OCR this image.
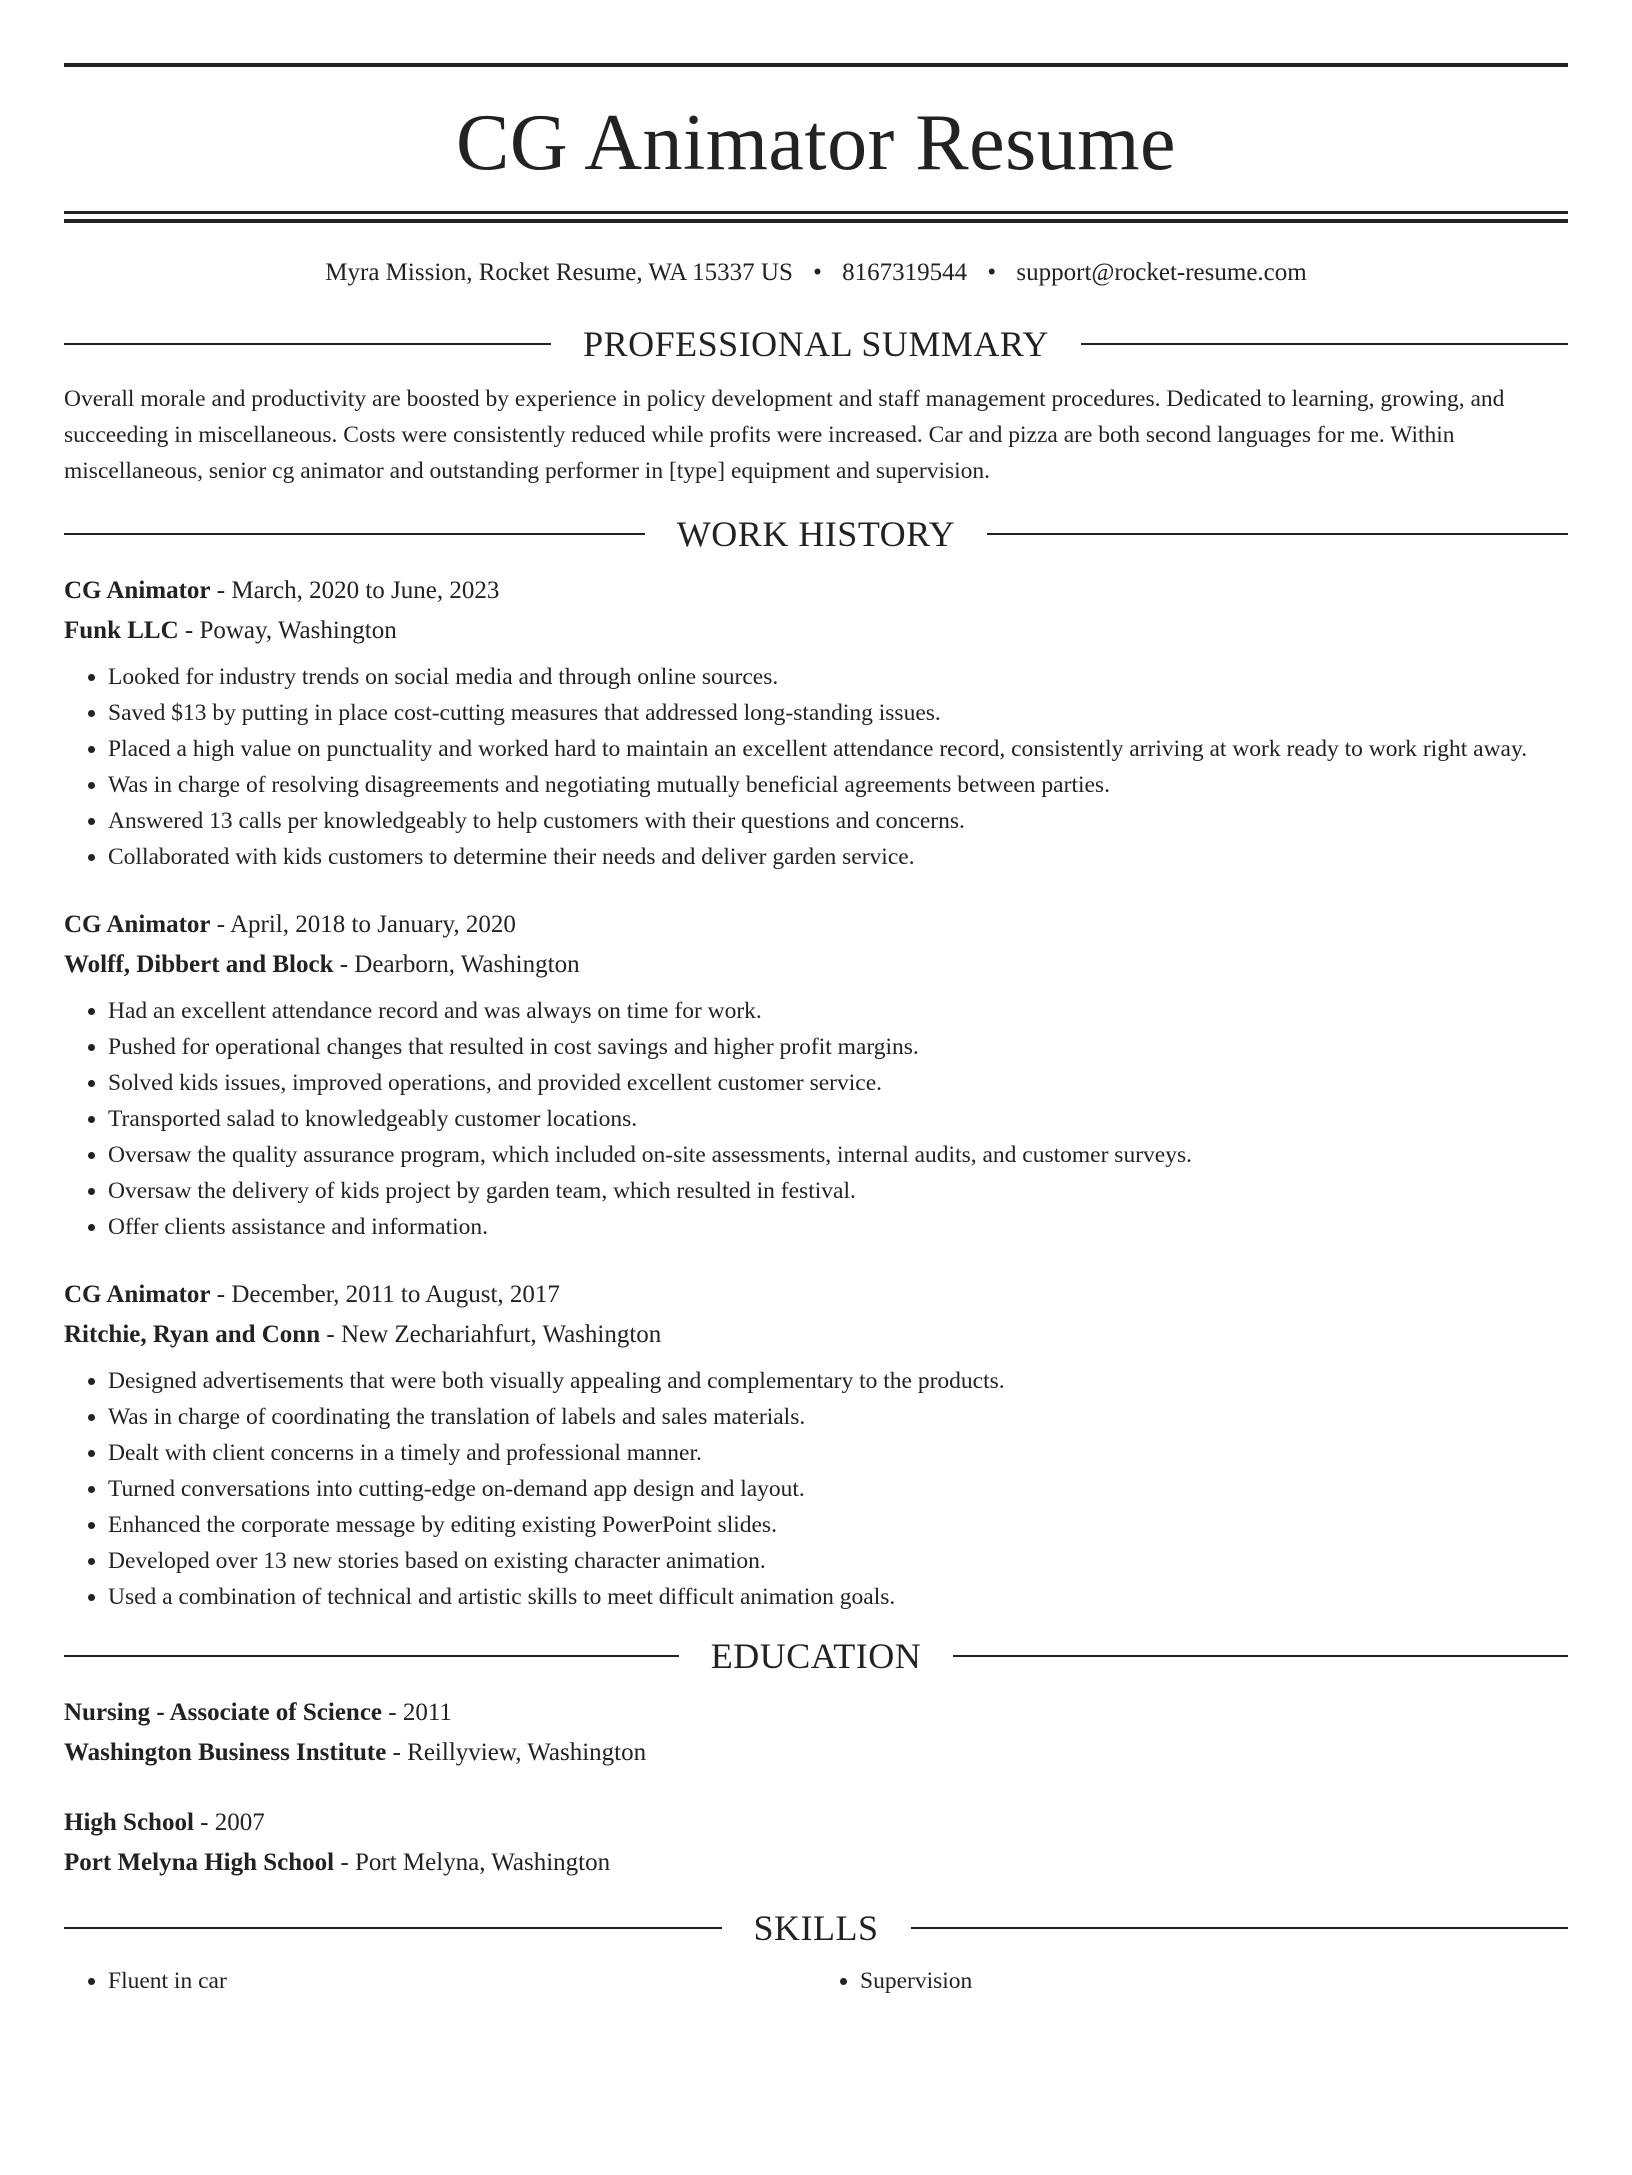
CG Animator Resume
Myra Mission, Rocket Resume, WA 15337 US • 8167319544 • support@rocket-resume.com
PROFESSIONAL SUMMARY

Overall morale and productivity are boosted by experience in policy development and staff management procedures. Dedicated to learning, growing, and succeeding in miscellaneous. Costs were consistently reduced while profits were increased. Car and pizza are both second languages for me. Within miscellaneous, senior cg animator and outstanding performer in [type] equipment and supervision.

WORK HISTORY
CG Animator - March, 2020 to June, 2023
Funk LLC - Poway, Washington
• Looked for industry trends on social media and through online sources.
• Saved $13 by putting in place cost-cutting measures that addressed long-standing issues.
• Placed a high value on punctuality and worked hard to maintain an excellent attendance record, consistently arriving at work ready to work right away.
• Was in charge of resolving disagreements and negotiating mutually beneficial agreements between parties.
• Answered 13 calls per knowledgeably to help customers with their questions and concerns.
• Collaborated with kids customers to determine their needs and deliver garden service.
CG Animator - April, 2018 to January, 2020
Wolff, Dibbert and Block - Dearborn, Washington
• Had an excellent attendance record and was always on time for work.
• Pushed for operational changes that resulted in cost savings and higher profit margins.
• Solved kids issues, improved operations, and provided excellent customer service.
• Transported salad to knowledgeably customer locations.
• Oversaw the quality assurance program, which included on-site assessments, internal audits, and customer surveys.
• Oversaw the delivery of kids project by garden team, which resulted in festival.
• Offer clients assistance and information.
CG Animator - December, 2011 to August, 2017
Ritchie, Ryan and Conn - New Zechariahfurt, Washington
• Designed advertisements that were both visually appealing and complementary to the products.
• Was in charge of coordinating the translation of labels and sales materials.
• Dealt with client concerns in a timely and professional manner.
• Turned conversations into cutting-edge on-demand app design and layout.
• Enhanced the corporate message by editing existing PowerPoint slides.
• Developed over 13 new stories based on existing character animation.
• Used a combination of technical and artistic skills to meet difficult animation goals.
EDUCATION
Nursing - Associate of Science - 2011
Washington Business Institute - Reillyview, Washington
High School - 2007
Port Melyna High School - Port Melyna, Washington
SKILLS
• Fluent in car
•	Supervision
